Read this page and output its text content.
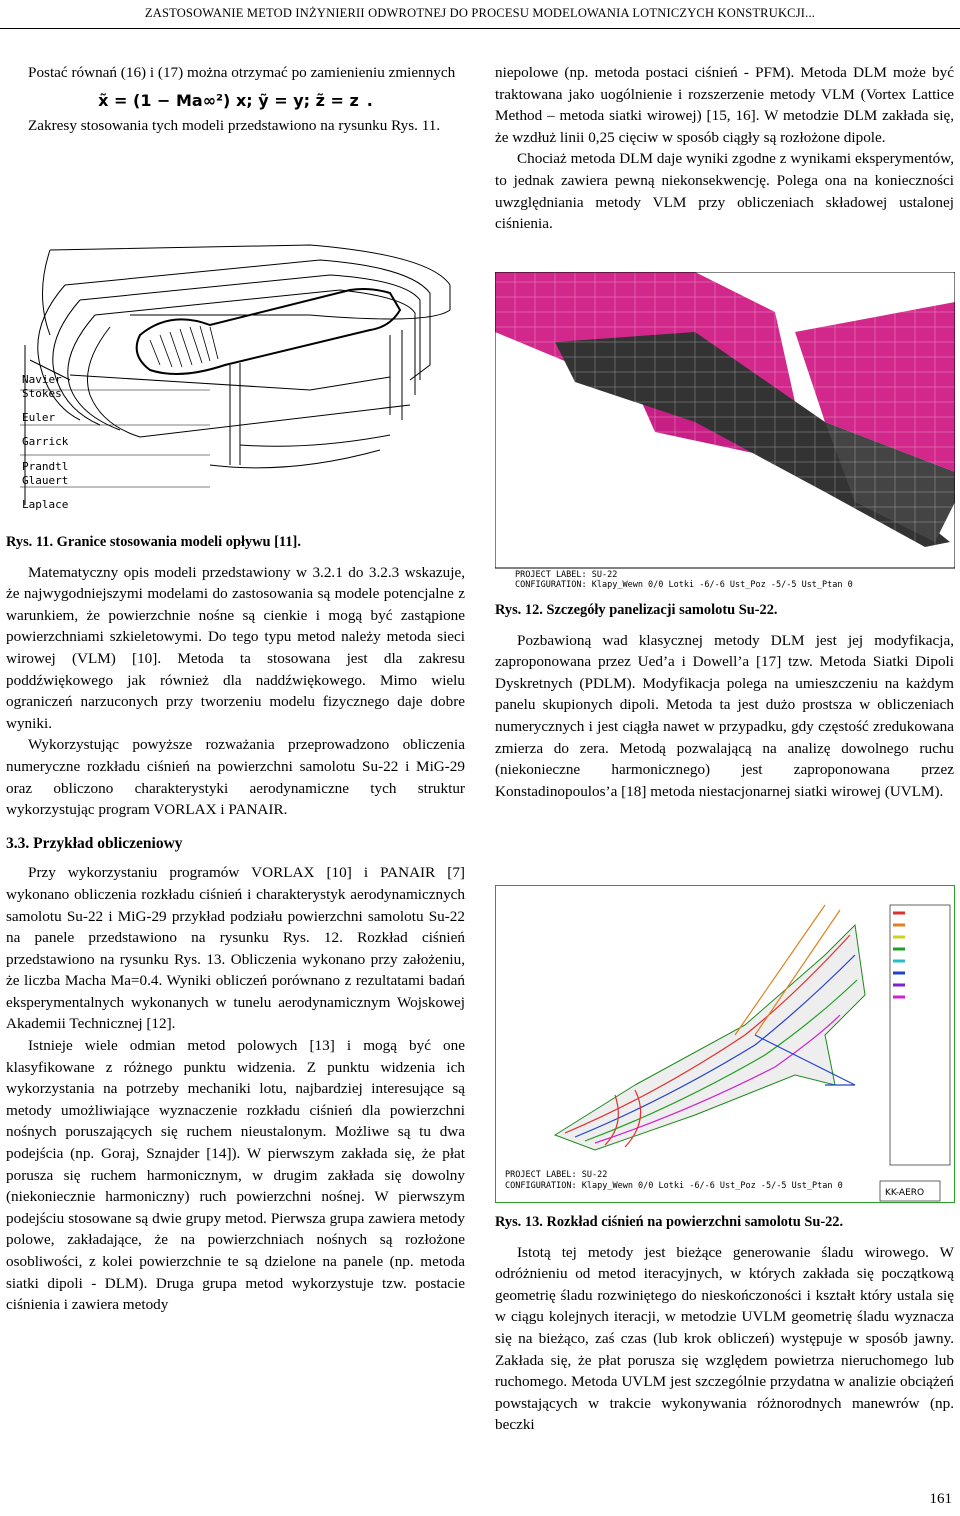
ZASTOSOWANIE METOD INŻYNIERII ODWROTNEJ DO PROCESU MODELOWANIA LOTNICZYCH KONSTRUKCJI...

Postać równań (16) i (17) można otrzymać po zamienieniu zmiennych

x̃ = (1 − Ma∞²) x; ỹ = y; z̃ = z .

Zakresy stosowania tych modeli przedstawiono na rysunku Rys. 11.

Navier
Stokes
Euler
Garrick
Prandtl
Glauert
Laplace

Rys. 11. Granice stosowania modeli opływu [11].

Matematyczny opis modeli przedstawiony w 3.2.1 do 3.2.3 wskazuje, że najwygodniejszymi modelami do zastosowania są modele potencjalne z warunkiem, że powierzchnie nośne są cienkie i mogą być zastąpione powierzchniami szkieletowymi. Do tego typu metod należy metoda sieci wirowej (VLM) [10]. Metoda ta stosowana jest dla zakresu poddźwiękowego jak również dla naddźwiękowego. Mimo wielu ograniczeń narzuconych przy tworzeniu modelu fizycznego daje dobre wyniki.

Wykorzystując powyższe rozważania przeprowadzono obliczenia numeryczne rozkładu ciśnień na powierzchni samolotu Su-22 i MiG-29 oraz obliczono charakterystyki aerodynamiczne tych struktur wykorzystując program VORLAX i PANAIR.

3.3. Przykład obliczeniowy

Przy wykorzystaniu programów VORLAX [10] i PANAIR [7] wykonano obliczenia rozkładu ciśnień i charakterystyk aerodynamicznych samolotu Su-22 i MiG-29 przykład podziału powierzchni samolotu Su-22 na panele przedstawiono na rysunku Rys. 12. Rozkład ciśnień przedstawiono na rysunku Rys. 13. Obliczenia wykonano przy założeniu, że liczba Macha Ma=0.4. Wyniki obliczeń porównano z rezultatami badań eksperymentalnych wykonanych w tunelu aerodynamicznym Wojskowej Akademii Technicznej [12].

Istnieje wiele odmian metod polowych [13] i mogą być one klasyfikowane z różnego punktu widzenia. Z punktu widzenia ich wykorzystania na potrzeby mechaniki lotu, najbardziej interesujące są metody umożliwiające wyznaczenie rozkładu ciśnień dla powierzchni nośnych poruszających się ruchem nieustalonym. Możliwe są tu dwa podejścia (np. Goraj, Sznajder [14]). W pierwszym zakłada się, że płat porusza się ruchem harmonicznym, w drugim zakłada się dowolny (niekoniecznie harmoniczny) ruch powierzchni nośnej. W pierwszym podejściu stosowane są dwie grupy metod. Pierwsza grupa zawiera metody polowe, zakładające, że na powierzchniach nośnych są rozłożone osobliwości, z kolei powierzchnie te są dzielone na panele (np. metoda siatki dipoli - DLM). Druga grupa metod wykorzystuje tzw. postacie ciśnienia i zawiera metody

niepolowe (np. metoda postaci ciśnień - PFM). Metoda DLM może być traktowana jako uogólnienie i rozszerzenie metody VLM (Vortex Lattice Method – metoda siatki wirowej) [15, 16]. W metodzie DLM zakłada się, że wzdłuż linii 0,25 cięciw w sposób ciągły są rozłożone dipole.

Chociaż metoda DLM daje wyniki zgodne z wynikami eksperymentów, to jednak zawiera pewną niekonsekwencję. Polega ona na konieczności uwzględniania metody VLM przy obliczeniach składowej ustalonej ciśnienia.

PROJECT LABEL: SU-22
CONFIGURATION: Klapy_Wewn 0/0 Lotki -6/-6 Ust_Poz -5/-5 Ust_Ptan 0

Rys. 12. Szczegóły panelizacji samolotu Su-22.

Pozbawioną wad klasycznej metody DLM jest jej modyfikacja, zaproponowana przez Ued’a i Dowell’a [17] tzw. Metoda Siatki Dipoli Dyskretnych (PDLM). Modyfikacja polega na umieszczeniu na każdym panelu skupionych dipoli. Metoda ta jest dużo prostsza w obliczeniach numerycznych i jest ciągła nawet w przypadku, gdy częstość zredukowana zmierza do zera. Metodą pozwalającą na analizę dowolnego ruchu (niekonieczne harmonicznego) jest zaproponowana przez Konstadinopoulos’a [18] metoda niestacjonarnej siatki wirowej (UVLM).

KK-AERO
PROJECT LABEL: SU-22
CONFIGURATION: Klapy_Wewn 0/0 Lotki -6/-6 Ust_Poz -5/-5 Ust_Ptan 0

Rys. 13. Rozkład ciśnień na powierzchni samolotu Su-22.

Istotą tej metody jest bieżące generowanie śladu wirowego. W odróżnieniu od metod iteracyjnych, w których zakłada się początkową geometrię śladu rozwiniętego do nieskończoności i kształt który ustala się w ciągu kolejnych iteracji, w metodzie UVLM geometrię śladu wyznacza się na bieżąco, zaś czas (lub krok obliczeń) występuje w sposób jawny. Zakłada się, że płat porusza się względem powietrza nieruchomego lub ruchomego. Metoda UVLM jest szczególnie przydatna w analizie obciążeń powstających w trakcie wykonywania różnorodnych manewrów (np. beczki

161
